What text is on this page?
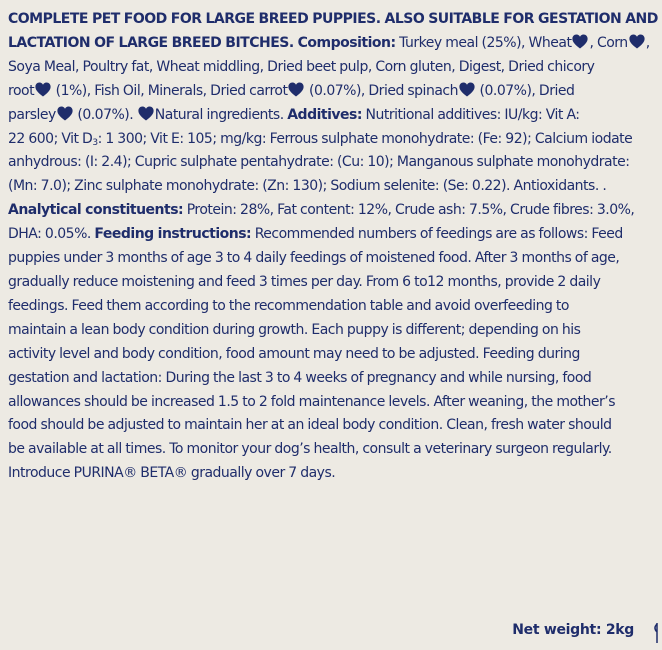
COMPLETE PET FOOD FOR LARGE BREED PUPPIES. ALSO SUITABLE FOR GESTATION AND
LACTATION OF LARGE BREED BITCHES. Composition: Turkey meal (25%), Wheat , Corn ,
Soya Meal, Poultry fat, Wheat middling, Dried beet pulp, Corn gluten, Digest, Dried chicory
root
(1%), Fish Oil, Minerals, Dried carrot
(0.07%), Dried spinach
(0.07%), Dried
parsley
(0.07%).
Natural ingredients. Additives: Nutritional additives: IU/kg: Vit A:
22 600; Vit $D_3$: 1 300; Vit E: 105; mg/kg: Ferrous sulphate monohydrate: (Fe: 92); Calcium iodate
anhydrous: (I: 2.4); Cupric sulphate pentahydrate: (Cu: 10); Manganous sulphate monohydrate:
(Mn: 7.0); Zinc sulphate monohydrate: (Zn: 130); Sodium selenite: (Se: 0.22). Antioxidants. .
Analytical constituents: Protein: 28%, Fat content: 12%, Crude ash: 7.5%, Crude fibres: 3.0%,
DHA: 0.05%. Feeding instructions: Recommended numbers of feedings are as follows: Feed
puppies under 3 months of age 3 to 4 daily feedings of moistened food. After 3 months of age,
gradually reduce moistening and feed 3 times per day. From 6 to12 months, provide 2 daily
feedings. Feed them according to the recommendation table and avoid overfeeding to
maintain a lean body condition during growth. Each puppy is different; depending on his
activity level and body condition, food amount may need to be adjusted. Feeding during
gestation and lactation: During the last 3 to 4 weeks of pregnancy and while nursing, food
allowances should be increased 1.5 to 2 fold maintenance levels. After weaning, the mother’s
food should be adjusted to maintain her at an ideal body condition. Clean, fresh water should
be available at all times. To monitor your dog’s health, consult a veterinary surgeon regularly.
Introduce PURINA® BETA® gradually over 7 days.
Net weight: 2kg
